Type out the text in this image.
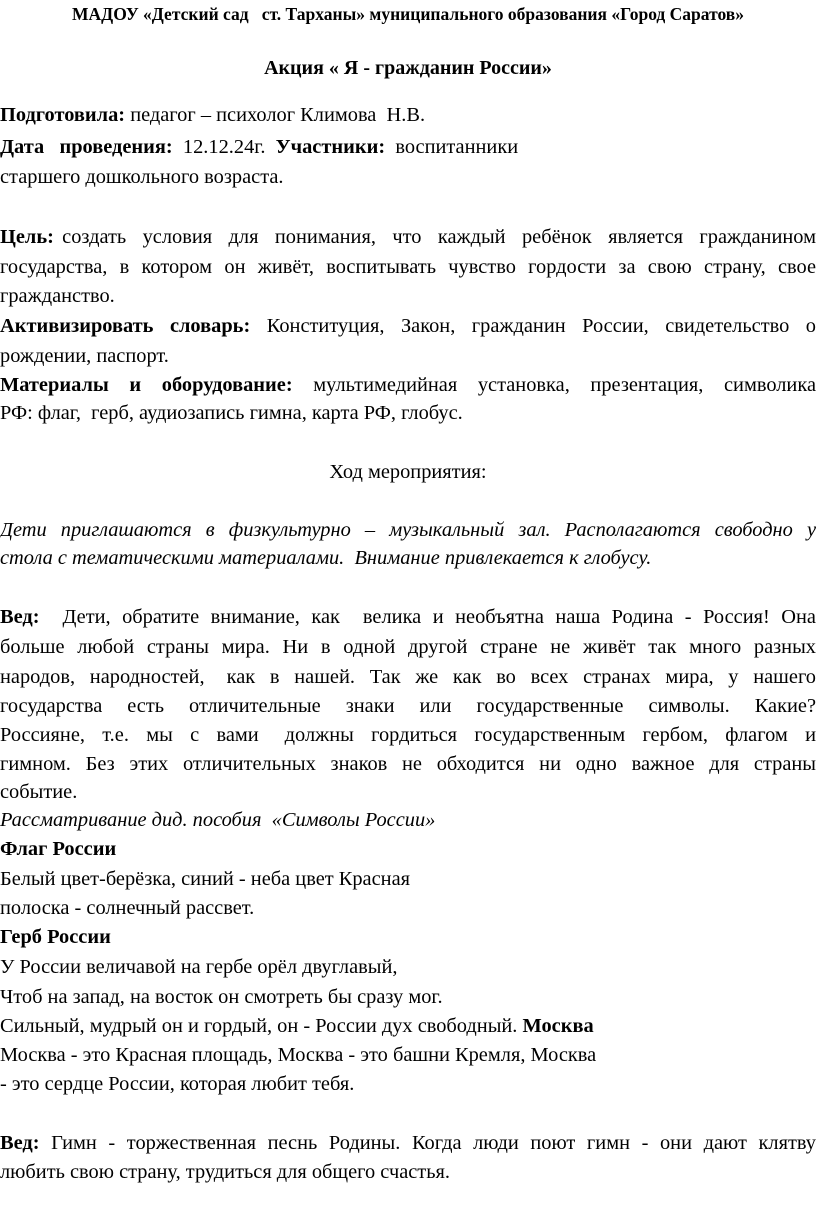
МАДОУ «Детский сад   ст. Тарханы» муниципального образования «Город Саратов»
Акция « Я - гражданин России»
Подготовила: педагог – психолог Климова  Н.В.
Дата   проведения:  12.12.24г.  Участники:  воспитанники
старшего дошкольного возраста.
Цель: создать  условия  для  понимания,  что  каждый  ребёнок  является  гражданином
государства, в котором он живёт, воспитывать чувство гордости за свою страну, свое
гражданство.
Активизировать словарь: Конституция, Закон, гражданин России, свидетельство о
рождении, паспорт.
Материалы  и  оборудование:  мультимедийная  установка,  презентация,  символика
РФ: флаг,  герб, аудиозапись гимна, карта РФ, глобус.
Ход мероприятия:
Дети приглашаются в физкультурно – музыкальный зал. Располагаются свободно у
стола с тематическими материалами.  Внимание привлекается к глобусу.
Вед:  Дети, обратите внимание, как  велика и необъятна наша Родина - Россия! Она
больше любой страны мира. Ни в одной другой стране не живёт так много разных
народов,  народностей,   как  в  нашей.  Так  же  как  во  всех  странах  мира,  у  нашего
государства  есть  отличительные  знаки  или  государственные  символы.  Какие?
Россияне,  т.е.  мы  с  вами   должны  гордиться  государственным  гербом,  флагом  и
гимном.  Без  этих  отличительных  знаков  не  обходится  ни  одно  важное  для  страны
событие.
Рассматривание дид. пособия  «Символы России»
Флаг России
Белый цвет-берёзка, синий - неба цвет Красная
полоска - солнечный рассвет.
Герб России
У России величавой на гербе орёл двуглавый,
Чтоб на запад, на восток он смотреть бы сразу мог.
Сильный, мудрый он и гордый, он - России дух свободный. Москва
Москва - это Красная площадь, Москва - это башни Кремля, Москва
- это сердце России, которая любит тебя.
Вед: Гимн - торжественная песнь Родины. Когда люди поют гимн - они дают клятву
любить свою страну, трудиться для общего счастья.
